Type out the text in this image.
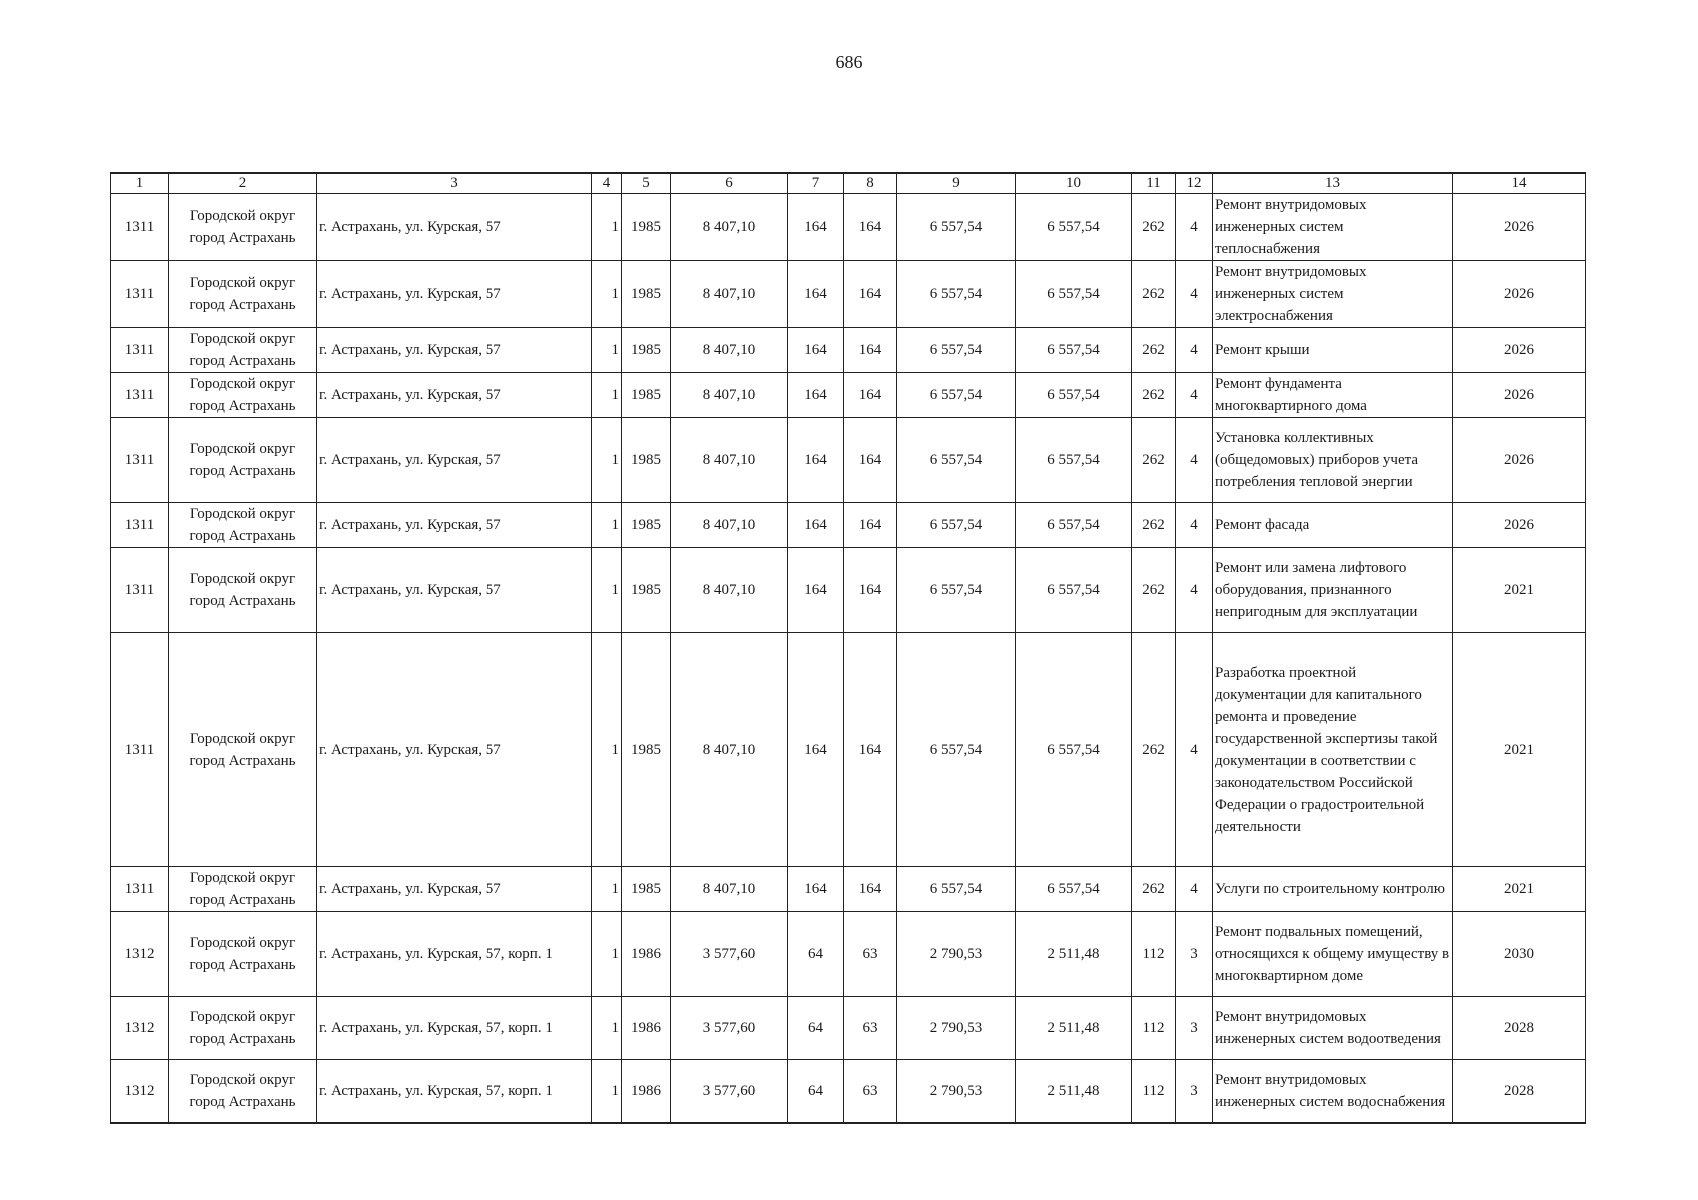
686
1	2	3	4	5	6	7	8	9	10	11	12	13	14
1311	Городской округ город Астрахань	г. Астрахань, ул. Курская, 57	1	1985	8 407,10	164	164	6 557,54	6 557,54	262	4	Ремонт внутридомовых инженерных систем теплоснабжения	2026
1311	Городской округ город Астрахань	г. Астрахань, ул. Курская, 57	1	1985	8 407,10	164	164	6 557,54	6 557,54	262	4	Ремонт внутридомовых инженерных систем электроснабжения	2026
1311	Городской округ город Астрахань	г. Астрахань, ул. Курская, 57	1	1985	8 407,10	164	164	6 557,54	6 557,54	262	4	Ремонт крыши	2026
1311	Городской округ город Астрахань	г. Астрахань, ул. Курская, 57	1	1985	8 407,10	164	164	6 557,54	6 557,54	262	4	Ремонт фундамента многоквартирного дома	2026
1311	Городской округ город Астрахань	г. Астрахань, ул. Курская, 57	1	1985	8 407,10	164	164	6 557,54	6 557,54	262	4	Установка коллективных (общедомовых) приборов учета потребления тепловой энергии	2026
1311	Городской округ город Астрахань	г. Астрахань, ул. Курская, 57	1	1985	8 407,10	164	164	6 557,54	6 557,54	262	4	Ремонт фасада	2026
1311	Городской округ город Астрахань	г. Астрахань, ул. Курская, 57	1	1985	8 407,10	164	164	6 557,54	6 557,54	262	4	Ремонт или замена лифтового оборудования, признанного непригодным для эксплуатации	2021
1311	Городской округ город Астрахань	г. Астрахань, ул. Курская, 57	1	1985	8 407,10	164	164	6 557,54	6 557,54	262	4	Разработка проектной документации для капитального ремонта и проведение государственной экспертизы такой документации в соответствии с законодательством Российской Федерации о градостроительной деятельности	2021
1311	Городской округ город Астрахань	г. Астрахань, ул. Курская, 57	1	1985	8 407,10	164	164	6 557,54	6 557,54	262	4	Услуги по строительному контролю	2021
1312	Городской округ город Астрахань	г. Астрахань, ул. Курская, 57, корп. 1	1	1986	3 577,60	64	63	2 790,53	2 511,48	112	3	Ремонт подвальных помещений, относящихся к общему имуществу в многоквартирном доме	2030
1312	Городской округ город Астрахань	г. Астрахань, ул. Курская, 57, корп. 1	1	1986	3 577,60	64	63	2 790,53	2 511,48	112	3	Ремонт внутридомовых инженерных систем водоотведения	2028
1312	Городской округ город Астрахань	г. Астрахань, ул. Курская, 57, корп. 1	1	1986	3 577,60	64	63	2 790,53	2 511,48	112	3	Ремонт внутридомовых инженерных систем водоснабжения	2028
